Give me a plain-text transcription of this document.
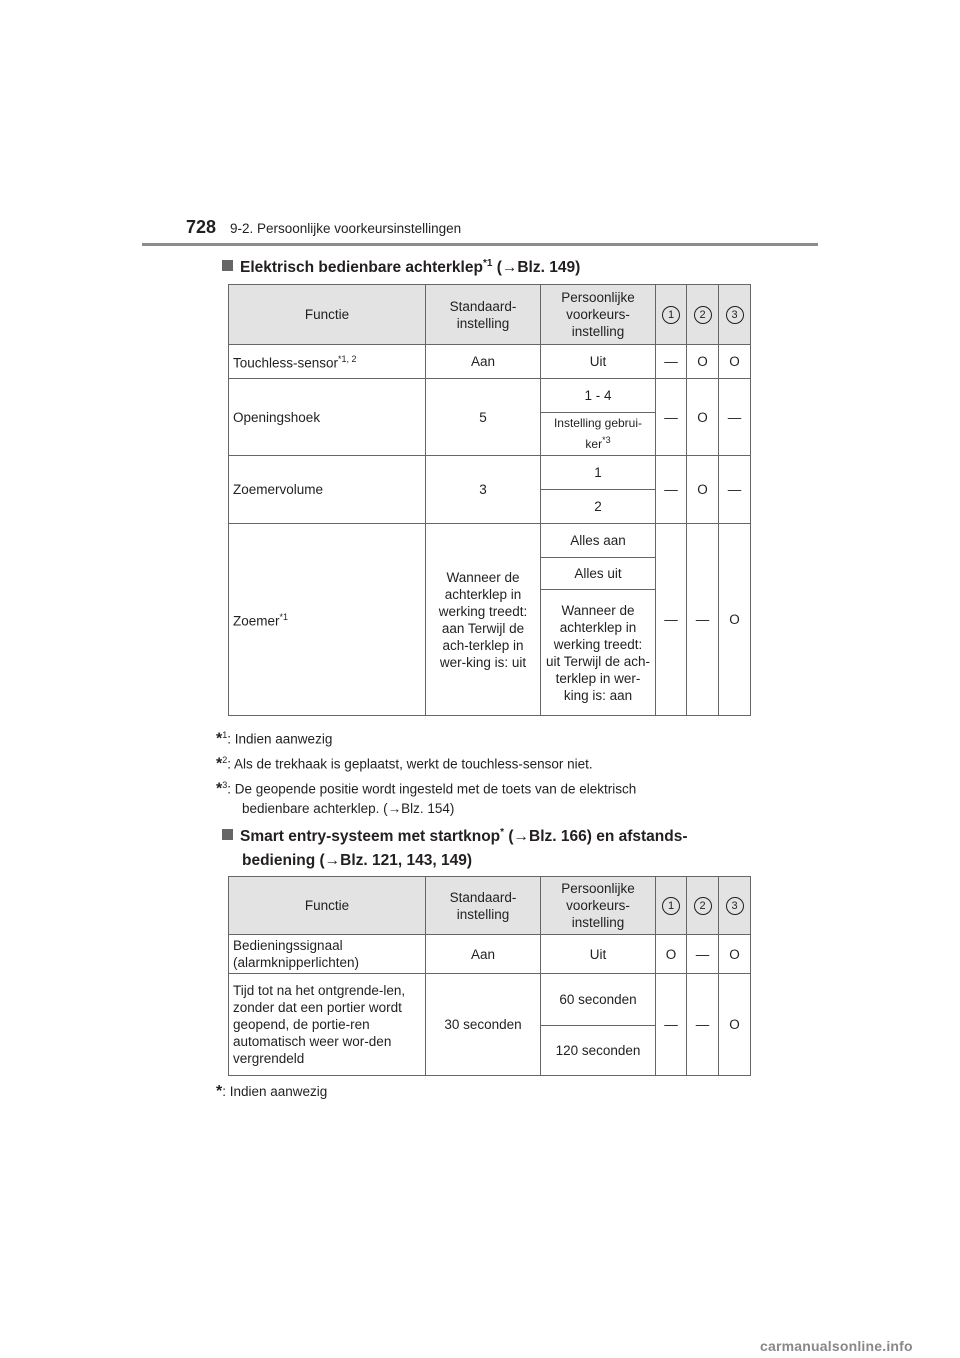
728 9-2. Persoonlijke voorkeursinstellingen
Elektrisch bedienbare achterklep$^{*1}$ (→Blz. 149)
Functie	Standaard-instelling	Persoonlijke voorkeurs-instelling	1	2	3
Touchless-sensor$^{*1, 2}$	Aan	Uit	—	O	O
Openingshoek	5	1 - 4	—	O	—
		Instelling gebrui-ker$^{*3}$
Zoemervolume	3	1	—	O	—
		2			
Zoemer$^{*1}$	Wanneer de achterklep in werking treedt: aan Terwijl de ach-terklep in wer-king is: uit	Alles aan	—	—	O
		Alles uit			
		Wanneer de achterklep in werking treedt: uit Terwijl de ach-terklep in wer-king is: aan			
*$^1$: Indien aanwezig
*$^2$: Als de trekhaak is geplaatst, werkt de touchless-sensor niet.
*$^3$: De geopende positie wordt ingesteld met de toets van de elektrisch
bedienbare achterklep. (→Blz. 154)
Smart entry-systeem met startknop* (→Blz. 166) en afstands-
bediening (→Blz. 121, 143, 149)
Functie	Standaard-instelling	Persoonlijke voorkeurs-instelling	1	2	3
Bedieningssignaal (alarmknipperlichten)	Aan	Uit	O	—	O
Tijd tot na het ontgrende-len, zonder dat een portier wordt geopend, de portie-ren automatisch weer wor-den vergrendeld	30 seconden	60 seconden	—	—	O
		120 seconden			
*: Indien aanwezig
carmanualsonline.info
